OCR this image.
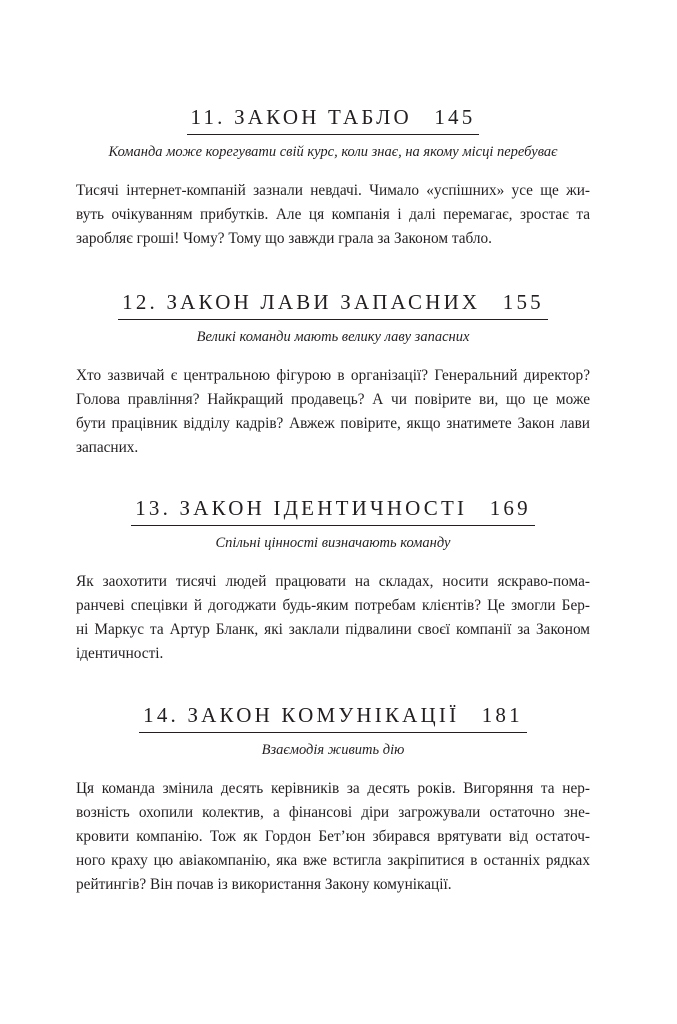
11. ЗАКОН ТАБЛО 145
Команда може корегувати свій курс, коли знає, на якому місці перебуває
Тисячі інтернет-компаній зазнали невдачі. Чимало «успішних» усе ще жи-
вуть очікуванням прибутків. Але ця компанія і далі перемагає, зростає та
заробляє гроші! Чому? Тому що завжди грала за Законом табло.
12. ЗАКОН ЛАВИ ЗАПАСНИХ 155
Великі команди мають велику лаву запасних
Хто зазвичай є центральною фігурою в організації? Генеральний директор?
Голова правління? Найкращий продавець? А чи повірите ви, що це може
бути працівник відділу кадрів? Авжеж повірите, якщо знатимете Закон лави
запасних.
13. ЗАКОН ІДЕНТИЧНОСТІ 169
Спільні цінності визначають команду
Як заохотити тисячі людей працювати на складах, носити яскраво-пома-
ранчеві спецівки й догоджати будь-яким потребам клієнтів? Це змогли Бер-
ні Маркус та Артур Бланк, які заклали підвалини своєї компанії за Законом
ідентичності.
14. ЗАКОН КОМУНІКАЦІЇ 181
Взаємодія живить дію
Ця команда змінила десять керівників за десять років. Вигоряння та нер-
возність охопили колектив, а фінансові діри загрожували остаточно зне-
кровити компанію. Тож як Гордон Бет’юн збирався врятувати від остаточ-
ного краху цю авіакомпанію, яка вже встигла закріпитися в останніх рядках
рейтингів? Він почав із використання Закону комунікації.
